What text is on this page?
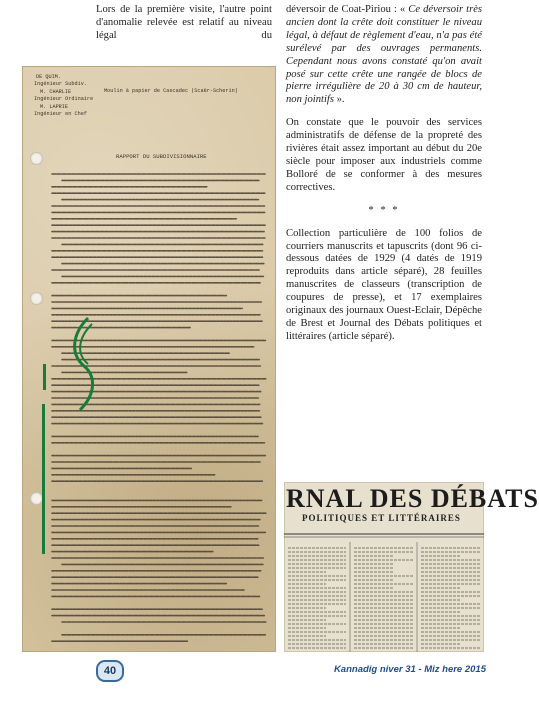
Lors de la première visite, l'autre point d'anomalie relevée est relatif au niveau légal du

déversoir de Coat-Piriou : « Ce déversoir très ancien dont la crête doit constituer le niveau légal, à défaut de règlement d'eau, n'a pas été surélevé par des ouvrages permanents. Cependant nous avons constaté qu'on avait posé sur cette crête une rangée de blocs de pierre irrégulière de 20 à 30 cm de hauteur, non jointifs ».

On constate que le pouvoir des services administratifs de défense de la propreté des rivières était assez important au début du 20e siècle pour imposer aux industriels comme Bolloré de se conformer à des mesures correctives.

* * *

Collection particulière de 100 folios de courriers manuscrits et tapuscrits (dont 96 ci-dessous datées de 1929 (4 datés de 1919 reproduits dans article séparé), 28 feuilles manuscrites de classeurs (transcription de coupures de presse), et 17 exemplaires originaux des journaux Ouest-Eclair, Dépêche de Brest et Journal des Débats politiques et littéraires (article séparé).

DE QUIM.
Ingénieur Subdiv.
M. CHARLIE
Ingénieur Ordinaire
M. LAPRIE
Ingénieur en Chef
Moulin à papier de Cascadec (Scaër-Scherin)
RAPPORT DU SUBDIVISIONNAIRE
RNAL DES DÉBATS
POLITIQUES ET LITTÉRAIRES
40	Kannadig niver 31 - Miz here 2015
